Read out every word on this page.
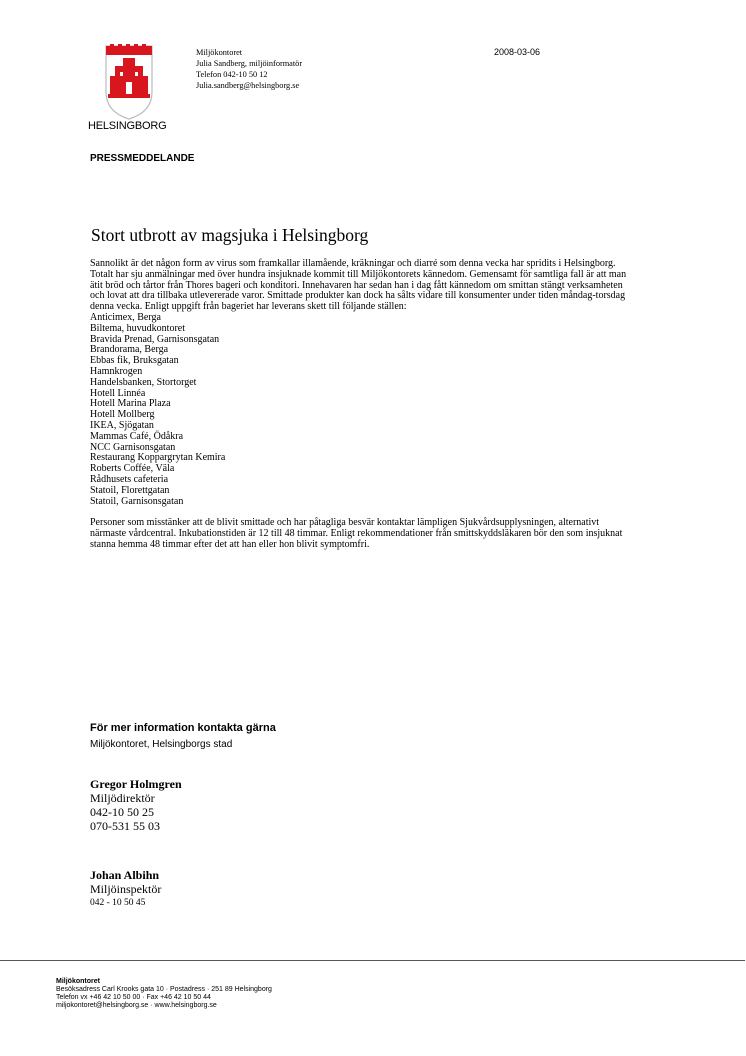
HELSINGBORG
Miljökontoret
Julia Sandberg, miljöinformatör
Telefon 042-10 50 12
Julia.sandberg@helsingborg.se
2008-03-06
PRESSMEDDELANDE
Stort utbrott av magsjuka i Helsingborg

Sannolikt är det någon form av virus som framkallar illamående, kräkningar och diarré som denna vecka har spridits i Helsingborg. Totalt har sju anmälningar med över hundra insjuknade kommit till Miljökontorets kännedom. Gemensamt för samtliga fall är att man ätit bröd och tårtor från Thores bageri och konditori. Innehavaren har sedan han i dag fått kännedom om smittan stängt verksamheten och lovat att dra tillbaka utlevererade varor. Smittade produkter kan dock ha sålts vidare till konsumenter under tiden måndag-torsdag denna vecka. Enligt uppgift från bageriet har leverans skett till följande ställen:

Anticimex, Berga
Biltema, huvudkontoret
Bravida Prenad, Garnisonsgatan
Brandorama, Berga
Ebbas fik, Bruksgatan
Hamnkrogen
Handelsbanken, Stortorget
Hotell Linnéa
Hotell Marina Plaza
Hotell Mollberg
IKEA, Sjögatan
Mammas Café, Ödåkra
NCC Garnisonsgatan
Restaurang Koppargrytan Kemira
Roberts Coffée, Väla
Rådhusets cafeteria
Statoil, Florettgatan
Statoil, Garnisonsgatan

Personer som misstänker att de blivit smittade och har påtagliga besvär kontaktar lämpligen Sjukvårdsupplysningen, alternativt närmaste vårdcentral. Inkubationstiden är 12 till 48 timmar. Enligt rekommendationer från smittskyddsläkaren bör den som insjuknat stanna hemma 48 timmar efter det att han eller hon blivit symptomfri.

För mer information kontakta gärna
Miljökontoret, Helsingborgs stad
Gregor Holmgren
Miljödirektör
042-10 50 25
070-531 55 03
Johan Albihn
Miljöinspektör
042 - 10 50 45
Miljökontoret
Besöksadress Carl Krooks gata 10 · Postadress · 251 89 Helsingborg
Telefon vx +46 42 10 50 00 · Fax +46 42 10 50 44
miljokontoret@helsingborg.se · www.helsingborg.se
